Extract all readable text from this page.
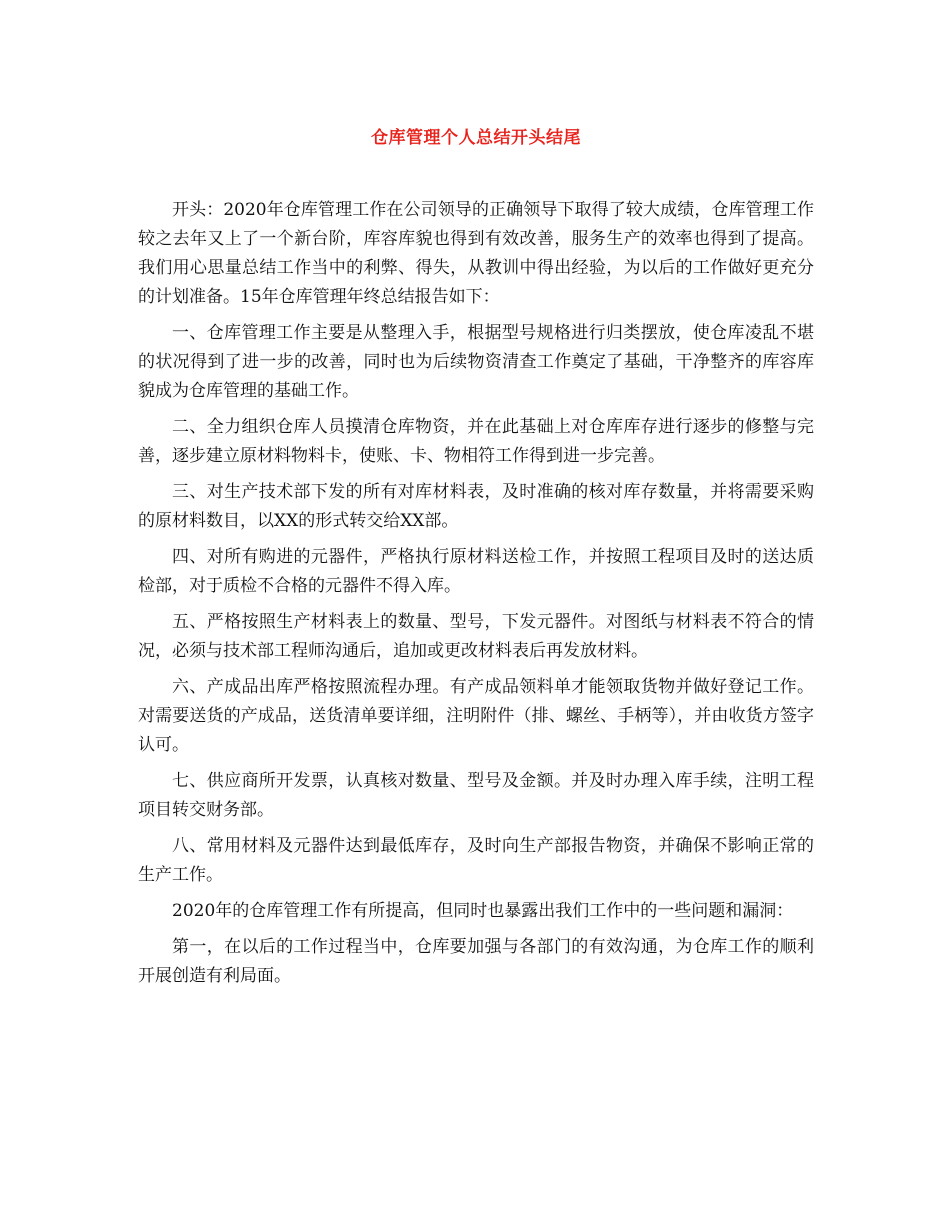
仓库管理个人总结开头结尾

开头：2020年仓库管理工作在公司领导的正确领导下取得了较大成绩，仓库管理工作较之去年又上了一个新台阶，库容库貌也得到有效改善，服务生产的效率也得到了提高。我们用心思量总结工作当中的利弊、得失，从教训中得出经验，为以后的工作做好更充分的计划准备。15年仓库管理年终总结报告如下：

一、仓库管理工作主要是从整理入手，根据型号规格进行归类摆放，使仓库凌乱不堪的状况得到了进一步的改善，同时也为后续物资清查工作奠定了基础，干净整齐的库容库貌成为仓库管理的基础工作。

二、全力组织仓库人员摸清仓库物资，并在此基础上对仓库库存进行逐步的修整与完善，逐步建立原材料物料卡，使账、卡、物相符工作得到进一步完善。

三、对生产技术部下发的所有对库材料表，及时准确的核对库存数量，并将需要采购的原材料数目，以XX的形式转交给XX部。

四、对所有购进的元器件，严格执行原材料送检工作，并按照工程项目及时的送达质检部，对于质检不合格的元器件不得入库。

五、严格按照生产材料表上的数量、型号，下发元器件。对图纸与材料表不符合的情况，必须与技术部工程师沟通后，追加或更改材料表后再发放材料。

六、产成品出库严格按照流程办理。有产成品领料单才能领取货物并做好登记工作。对需要送货的产成品，送货清单要详细，注明附件（排、螺丝、手柄等），并由收货方签字认可。

七、供应商所开发票，认真核对数量、型号及金额。并及时办理入库手续，注明工程项目转交财务部。

八、常用材料及元器件达到最低库存，及时向生产部报告物资，并确保不影响正常的生产工作。

2020年的仓库管理工作有所提高，但同时也暴露出我们工作中的一些问题和漏洞：

第一，在以后的工作过程当中，仓库要加强与各部门的有效沟通，为仓库工作的顺利开展创造有利局面。
